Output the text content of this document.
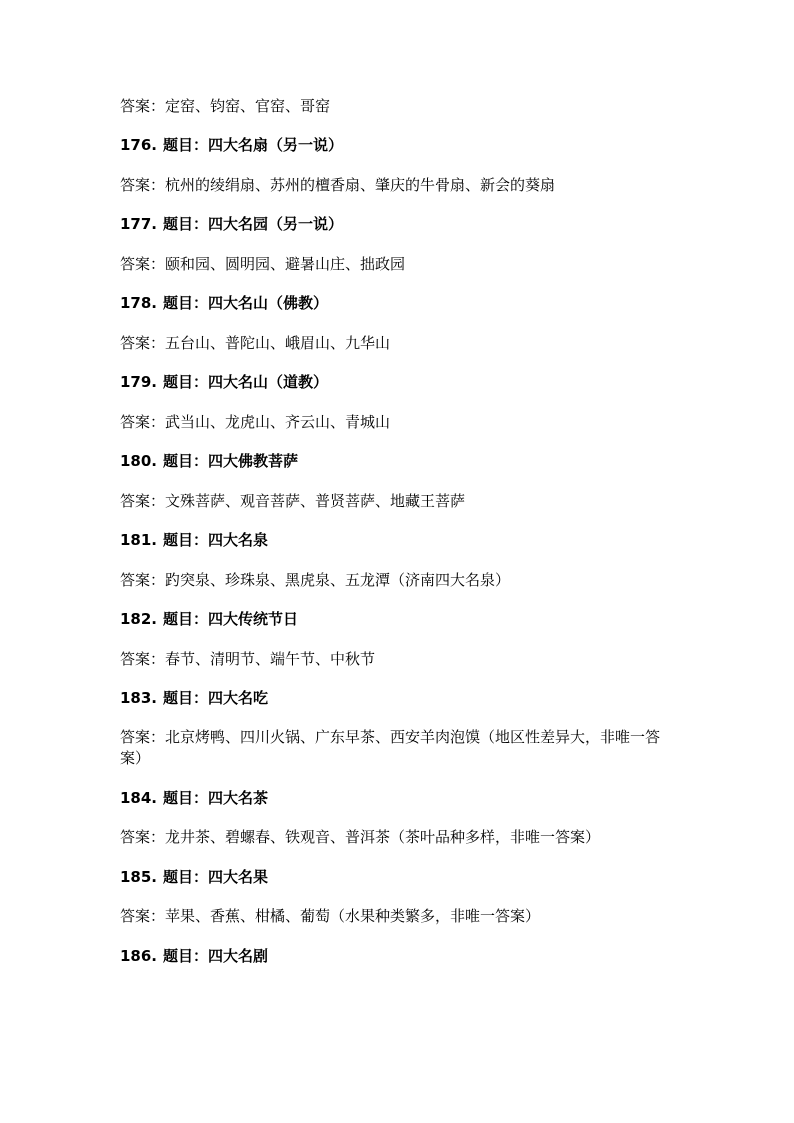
答案：定窑、钧窑、官窑、哥窑
176. 题目：四大名扇（另一说）
答案：杭州的绫绢扇、苏州的檀香扇、肇庆的牛骨扇、新会的葵扇
177. 题目：四大名园（另一说）
答案：颐和园、圆明园、避暑山庄、拙政园
178. 题目：四大名山（佛教）
答案：五台山、普陀山、峨眉山、九华山
179. 题目：四大名山（道教）
答案：武当山、龙虎山、齐云山、青城山
180. 题目：四大佛教菩萨
答案：文殊菩萨、观音菩萨、普贤菩萨、地藏王菩萨
181. 题目：四大名泉
答案：趵突泉、珍珠泉、黑虎泉、五龙潭（济南四大名泉）
182. 题目：四大传统节日
答案：春节、清明节、端午节、中秋节
183. 题目：四大名吃
答案：北京烤鸭、四川火锅、广东早茶、西安羊肉泡馍（地区性差异大，非唯一答案）
184. 题目：四大名茶
答案：龙井茶、碧螺春、铁观音、普洱茶（茶叶品种多样，非唯一答案）
185. 题目：四大名果
答案：苹果、香蕉、柑橘、葡萄（水果种类繁多，非唯一答案）
186. 题目：四大名剧
